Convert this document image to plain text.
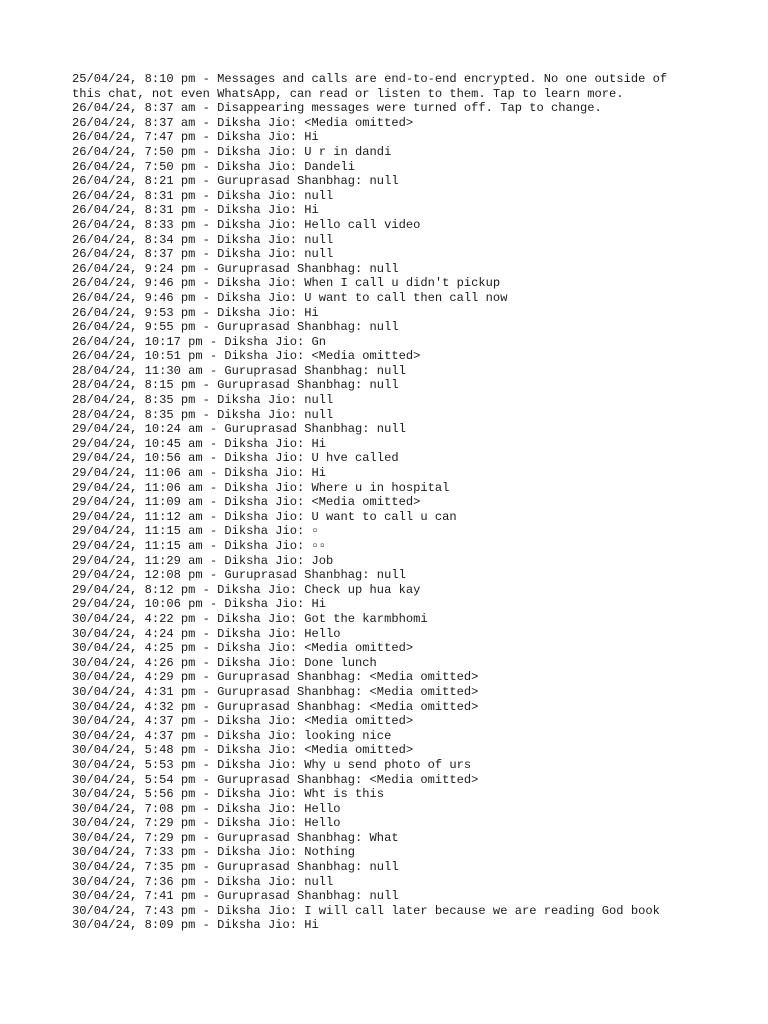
25/04/24, 8:10 pm - Messages and calls are end-to-end encrypted. No one outside of
this chat, not even WhatsApp, can read or listen to them. Tap to learn more.
26/04/24, 8:37 am - Disappearing messages were turned off. Tap to change.
26/04/24, 8:37 am - Diksha Jio: <Media omitted>
26/04/24, 7:47 pm - Diksha Jio: Hi
26/04/24, 7:50 pm - Diksha Jio: U r in dandi
26/04/24, 7:50 pm - Diksha Jio: Dandeli
26/04/24, 8:21 pm - Guruprasad Shanbhag: null
26/04/24, 8:31 pm - Diksha Jio: null
26/04/24, 8:31 pm - Diksha Jio: Hi
26/04/24, 8:33 pm - Diksha Jio: Hello call video
26/04/24, 8:34 pm - Diksha Jio: null
26/04/24, 8:37 pm - Diksha Jio: null
26/04/24, 9:24 pm - Guruprasad Shanbhag: null
26/04/24, 9:46 pm - Diksha Jio: When I call u didn't pickup
26/04/24, 9:46 pm - Diksha Jio: U want to call then call now
26/04/24, 9:53 pm - Diksha Jio: Hi
26/04/24, 9:55 pm - Guruprasad Shanbhag: null
26/04/24, 10:17 pm - Diksha Jio: Gn
26/04/24, 10:51 pm - Diksha Jio: <Media omitted>
28/04/24, 11:30 am - Guruprasad Shanbhag: null
28/04/24, 8:15 pm - Guruprasad Shanbhag: null
28/04/24, 8:35 pm - Diksha Jio: null
28/04/24, 8:35 pm - Diksha Jio: null
29/04/24, 10:24 am - Guruprasad Shanbhag: null
29/04/24, 10:45 am - Diksha Jio: Hi
29/04/24, 10:56 am - Diksha Jio: U hve called
29/04/24, 11:06 am - Diksha Jio: Hi
29/04/24, 11:06 am - Diksha Jio: Where u in hospital
29/04/24, 11:09 am - Diksha Jio: <Media omitted>
29/04/24, 11:12 am - Diksha Jio: U want to call u can
29/04/24, 11:15 am - Diksha Jio: ▫
29/04/24, 11:15 am - Diksha Jio: ▫▫
29/04/24, 11:29 am - Diksha Jio: Job
29/04/24, 12:08 pm - Guruprasad Shanbhag: null
29/04/24, 8:12 pm - Diksha Jio: Check up hua kay
29/04/24, 10:06 pm - Diksha Jio: Hi
30/04/24, 4:22 pm - Diksha Jio: Got the karmbhomi
30/04/24, 4:24 pm - Diksha Jio: Hello
30/04/24, 4:25 pm - Diksha Jio: <Media omitted>
30/04/24, 4:26 pm - Diksha Jio: Done lunch
30/04/24, 4:29 pm - Guruprasad Shanbhag: <Media omitted>
30/04/24, 4:31 pm - Guruprasad Shanbhag: <Media omitted>
30/04/24, 4:32 pm - Guruprasad Shanbhag: <Media omitted>
30/04/24, 4:37 pm - Diksha Jio: <Media omitted>
30/04/24, 4:37 pm - Diksha Jio: looking nice
30/04/24, 5:48 pm - Diksha Jio: <Media omitted>
30/04/24, 5:53 pm - Diksha Jio: Why u send photo of urs
30/04/24, 5:54 pm - Guruprasad Shanbhag: <Media omitted>
30/04/24, 5:56 pm - Diksha Jio: Wht is this
30/04/24, 7:08 pm - Diksha Jio: Hello
30/04/24, 7:29 pm - Diksha Jio: Hello
30/04/24, 7:29 pm - Guruprasad Shanbhag: What
30/04/24, 7:33 pm - Diksha Jio: Nothing
30/04/24, 7:35 pm - Guruprasad Shanbhag: null
30/04/24, 7:36 pm - Diksha Jio: null
30/04/24, 7:41 pm - Guruprasad Shanbhag: null
30/04/24, 7:43 pm - Diksha Jio: I will call later because we are reading God book
30/04/24, 8:09 pm - Diksha Jio: Hi
